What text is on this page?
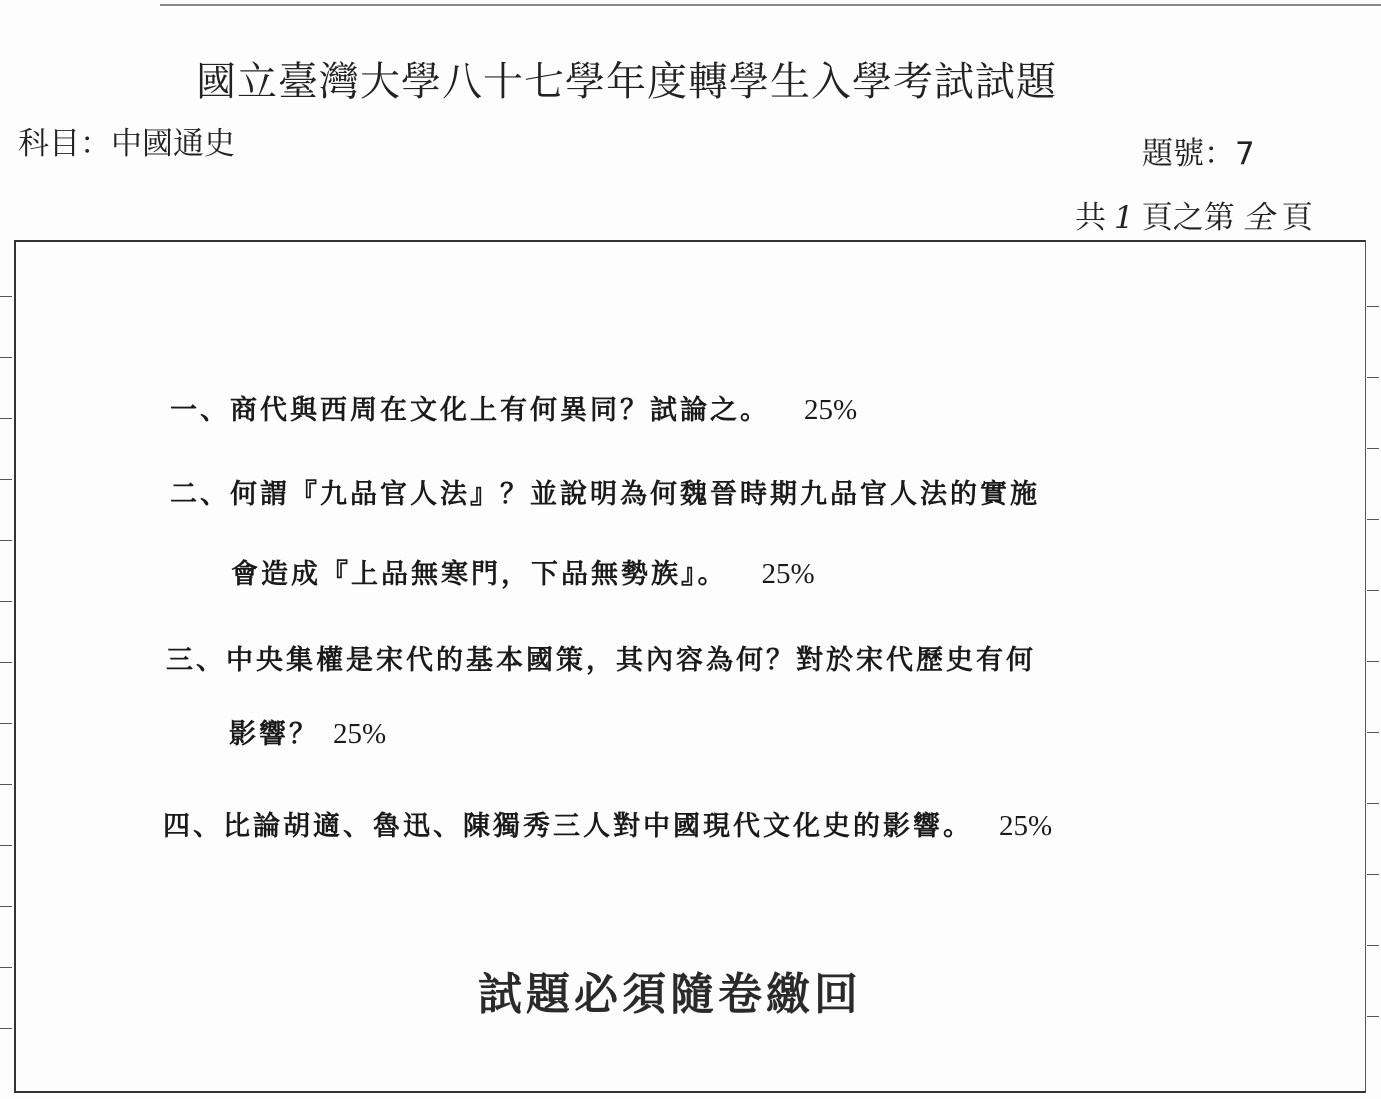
國立臺灣大學八十七學年度轉學生入學考試試題
科目：中國通史	題號：7
共 1 頁之第 全 頁
一、商代與西周在文化上有何異同？試論之。 25%
二、何謂『九品官人法』？並說明為何魏晉時期九品官人法的實施
會造成『上品無寒門，下品無勢族』。 25%
三、中央集權是宋代的基本國策，其內容為何？對於宋代歷史有何
影響？ 25%
四、比論胡適、魯迅、陳獨秀三人對中國現代文化史的影響。 25%
試題必須隨卷繳回
